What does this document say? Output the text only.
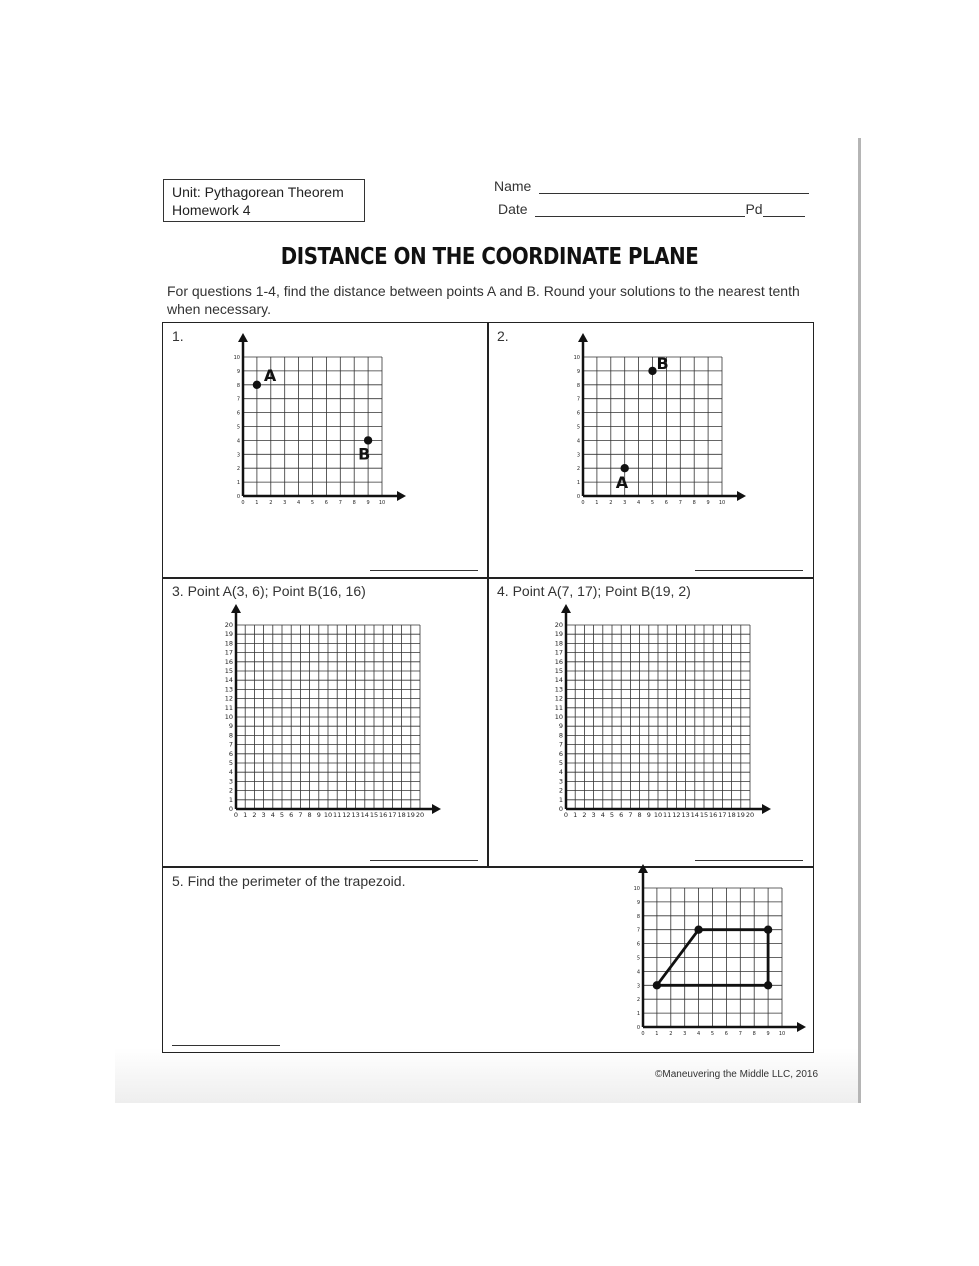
Unit: Pythagorean Theorem
Homework 4
Name
Date	Pd
DISTANCE ON THE COORDINATE PLANE
For questions 1-4, find the distance between points A and B. Round your solutions to the nearest tenth when necessary.
1.	2.
3. Point A(3, 6); Point B(16, 16)	4. Point A(7, 17); Point B(19, 2)
5. Find the perimeter of the trapezoid.
0
0
1
1
2
2
3
3
4
4
5
5
6
6
7
7
8
8
9
9
10
10
A
B
0
0
1
1
2
2
3
3
4
4
5
5
6
6
7
7
8
8
9
9
10
10
A
B
0
0
1
1
2
2
3
3
4
4
5
5
6
6
7
7
8
8
9
9
10
10
11
11
12
12
13
13
14
14
15
15
16
16
17
17
18
18
19
19
20
20
0
0
1
1
2
2
3
3
4
4
5
5
6
6
7
7
8
8
9
9
10
10
11
11
12
12
13
13
14
14
15
15
16
16
17
17
18
18
19
19
20
20
0
0
1
1
2
2
3
3
4
4
5
5
6
6
7
7
8
8
9
9
10
10
©Maneuvering the Middle LLC, 2016
